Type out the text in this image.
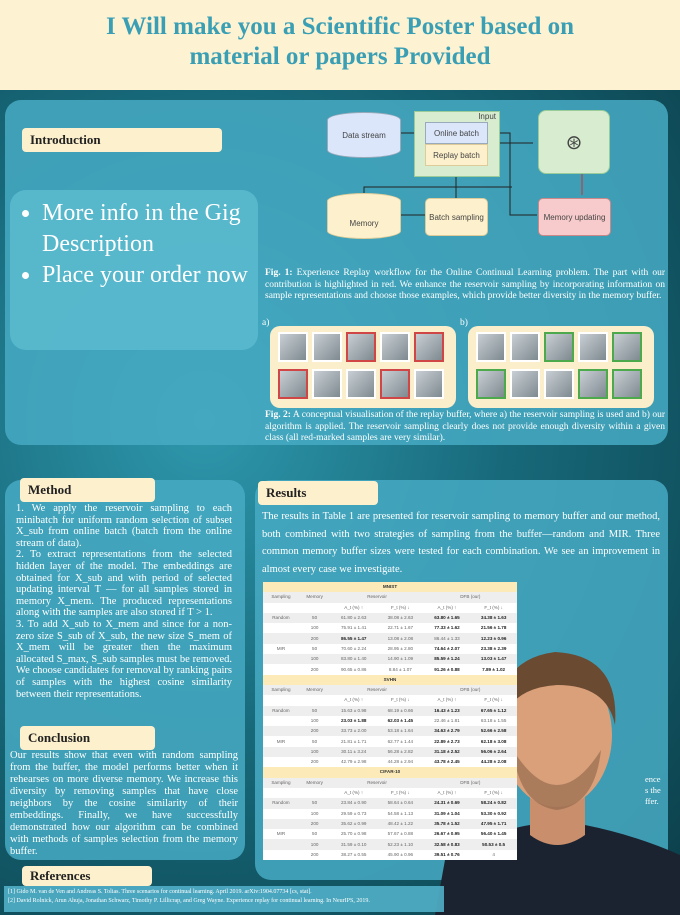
I Will make you a Scientific Poster based on
material or papers Provided
Introduction
• More info in the Gig Description
• Place your order now
Data stream
Input
Online batch
Replay batch
⊛
Memory
Batch sampling	Memory updating
Fig. 1: Experience Replay workflow for the Online Continual Learning problem. The part with our contribution is highlighted in red. We enhance the reservoir sampling by incorporating information on sample representations and choose those examples, which provide better diversity in the memory buffer.
a)	b)
Fig. 2: A conceptual visualisation of the replay buffer, where a) the reservoir sampling is used and b) our algorithm is applied. The reservoir sampling clearly does not provide enough diversity within a given class (all red-marked samples are very similar).
Method

1. We apply the reservoir sampling to each minibatch for uniform random selection of subset X_sub from online batch (batch from the online stream of data).

2. To extract representations from the selected hidden layer of the model. The embeddings are obtained for X_sub and with period of selected updating interval T — for all samples stored in memory X_mem. The produced representations along with the samples are also stored if T > 1.

3. To add X_sub to X_mem and since for a non-zero size S_sub of X_sub, the new size S_mem of X_mem will be greater then the maximum allocated S_max, S_sub samples must be removed. We choose candidates for removal by ranking pairs of samples with the highest cosine similarity between their representations.

Conclusion
Our results show that even with random sampling from the buffer, the model performs better when it rehearses on more diverse memory. We increase this diversity by removing samples that have close neighbors by the cosine similarity of their embeddings. Finally, we have successfully demonstrated how our algorithm can be combined with methods of samples selection from the memory buffer.
Results
The results in Table 1 are presented for reservoir sampling to memory buffer and our method, both combined with two strategies of sampling from the buffer—random and MIR. Three common memory buffer sizes were tested for each combination. We see an improvement in almost every case we investigate.
ence
s the
ffer.
MNIST					
Sampling	Memory	Reservoir		DFB (our)	
		A_t (%) ↑	F_t (%) ↓	A_t (%) ↑	F_t (%) ↓
Random	50	61.80 ± 2.63	38.08 ± 2.63	63.80 ± 1.65	34.38 ± 1.63
	100	75.91 ± 1.41	22.71 ± 1.67	77.33 ± 1.62	21.56 ± 1.78
	200	86.55 ± 1.47	13.08 ± 2.08	86.44 ± 1.33	12.23 ± 0.96
MIR	50	70.60 ± 2.24	28.95 ± 2.80	74.64 ± 2.07	23.38 ± 2.39
	100	83.80 ± 1.40	14.90 ± 1.09	85.59 ± 1.24	13.03 ± 1.47
	200	90.65 ± 0.86	8.84 ± 1.07	91.26 ± 0.88	7.89 ± 1.02
SVHN					
Sampling	Memory	Reservoir		DFB (our)	
		A_t (%) ↑	F_t (%) ↓	A_t (%) ↑	F_t (%) ↓
Random	50	15.63 ± 0.98	68.19 ± 0.66	16.43 ± 1.23	67.65 ± 1.12
	100	23.03 ± 1.88	62.03 ± 1.45	22.46 ± 1.81	63.18 ± 1.55
	200	33.73 ± 2.00	53.18 ± 1.64	34.63 ± 2.79	52.66 ± 2.58
MIR	50	21.81 ± 1.71	62.77 ± 1.44	22.89 ± 2.73	62.18 ± 3.08
	100	30.11 ± 3.24	56.28 ± 2.82	31.18 ± 2.52	56.06 ± 2.64
	200	42.79 ± 2.98	44.28 ± 2.94	43.78 ± 2.45	44.28 ± 2.08
CIFAR-10					
Sampling	Memory	Reservoir		DFB (our)	
		A_t (%) ↑	F_t (%) ↓	A_t (%) ↑	F_t (%) ↓
Random	50	23.84 ± 0.90	58.64 ± 0.64	24.31 ± 0.69	58.24 ± 0.82
	100	29.59 ± 0.73	54.58 ± 1.13	31.09 ± 1.04	53.30 ± 0.92
	200	35.62 ± 0.99	48.42 ± 1.22	35.78 ± 1.52	47.95 ± 1.71
MIR	50	25.70 ± 0.98	57.67 ± 0.88	26.67 ± 0.95	56.40 ± 1.45
	100	31.59 ± 0.10	52.23 ± 1.10	32.58 ± 0.83	50.53 ± 0.5
	200	38.27 ± 0.55	45.90 ± 0.96	39.51 ± 0.76	4
References
[1] Gido M. van de Ven and Andreas S. Tolias. Three scenarios for continual learning. April 2019. arXiv:1904.07734 [cs, stat].
[2] David Rolnick, Arun Ahuja, Jonathan Schwarz, Timothy P. Lillicrap, and Greg Wayne. Experience replay for continual learning. In NeurIPS, 2019.
